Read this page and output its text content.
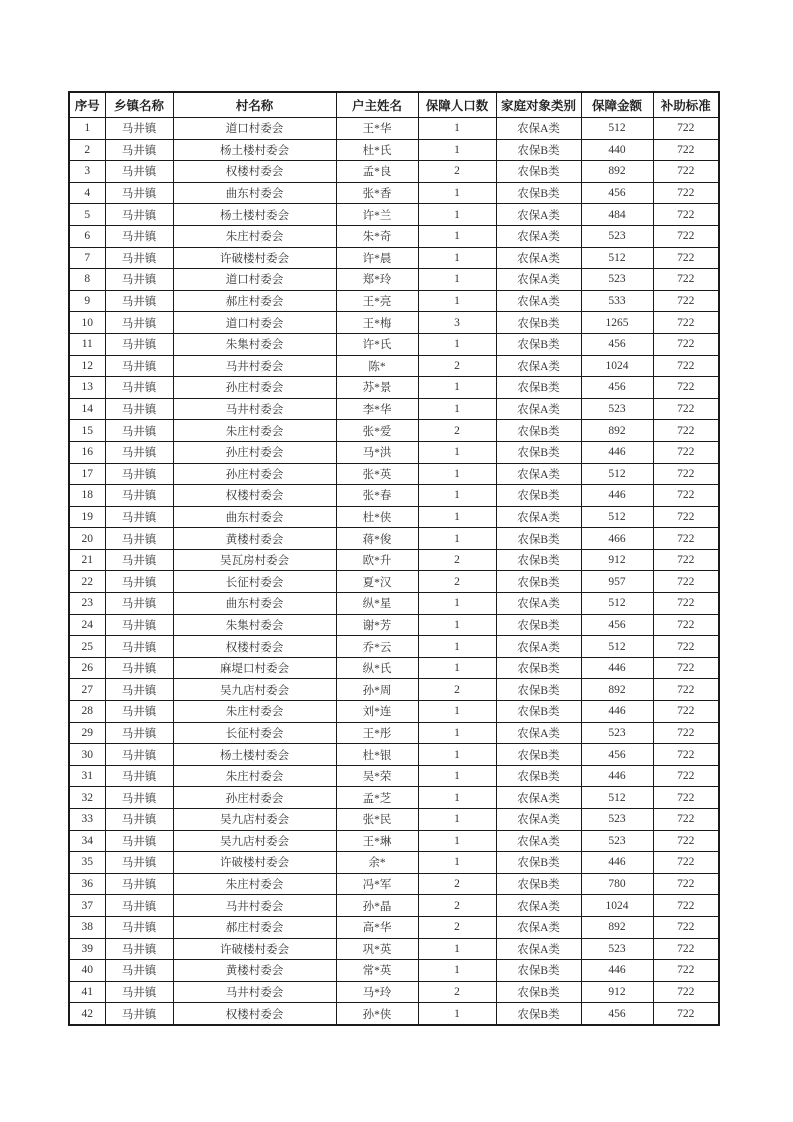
序号	乡镇名称	村名称	户主姓名	保障人口数	家庭对象类别	保障金额	补助标准
1	马井镇	道口村委会	王*华	1	农保A类	512	722
2	马井镇	杨土楼村委会	杜*氏	1	农保B类	440	722
3	马井镇	权楼村委会	孟*良	2	农保B类	892	722
4	马井镇	曲东村委会	张*香	1	农保B类	456	722
5	马井镇	杨土楼村委会	许*兰	1	农保A类	484	722
6	马井镇	朱庄村委会	朱*奇	1	农保A类	523	722
7	马井镇	许破楼村委会	许*晨	1	农保A类	512	722
8	马井镇	道口村委会	郑*玲	1	农保A类	523	722
9	马井镇	郝庄村委会	王*亮	1	农保A类	533	722
10	马井镇	道口村委会	王*梅	3	农保B类	1265	722
11	马井镇	朱集村委会	许*氏	1	农保B类	456	722
12	马井镇	马井村委会	陈*	2	农保A类	1024	722
13	马井镇	孙庄村委会	苏*景	1	农保B类	456	722
14	马井镇	马井村委会	李*华	1	农保A类	523	722
15	马井镇	朱庄村委会	张*爱	2	农保B类	892	722
16	马井镇	孙庄村委会	马*洪	1	农保B类	446	722
17	马井镇	孙庄村委会	张*英	1	农保A类	512	722
18	马井镇	权楼村委会	张*春	1	农保B类	446	722
19	马井镇	曲东村委会	杜*侠	1	农保A类	512	722
20	马井镇	黄楼村委会	蒋*俊	1	农保B类	466	722
21	马井镇	吴瓦房村委会	欧*升	2	农保B类	912	722
22	马井镇	长征村委会	夏*汉	2	农保B类	957	722
23	马井镇	曲东村委会	纵*星	1	农保A类	512	722
24	马井镇	朱集村委会	谢*芳	1	农保B类	456	722
25	马井镇	权楼村委会	乔*云	1	农保A类	512	722
26	马井镇	麻堤口村委会	纵*氏	1	农保B类	446	722
27	马井镇	吴九店村委会	孙*周	2	农保B类	892	722
28	马井镇	朱庄村委会	刘*连	1	农保B类	446	722
29	马井镇	长征村委会	王*彤	1	农保A类	523	722
30	马井镇	杨土楼村委会	杜*银	1	农保B类	456	722
31	马井镇	朱庄村委会	吴*荣	1	农保B类	446	722
32	马井镇	孙庄村委会	孟*芝	1	农保A类	512	722
33	马井镇	吴九店村委会	张*民	1	农保A类	523	722
34	马井镇	吴九店村委会	王*琳	1	农保A类	523	722
35	马井镇	许破楼村委会	余*	1	农保B类	446	722
36	马井镇	朱庄村委会	冯*军	2	农保B类	780	722
37	马井镇	马井村委会	孙*晶	2	农保A类	1024	722
38	马井镇	郝庄村委会	高*华	2	农保A类	892	722
39	马井镇	许破楼村委会	巩*英	1	农保A类	523	722
40	马井镇	黄楼村委会	常*英	1	农保B类	446	722
41	马井镇	马井村委会	马*玲	2	农保B类	912	722
42	马井镇	权楼村委会	孙*侠	1	农保B类	456	722
